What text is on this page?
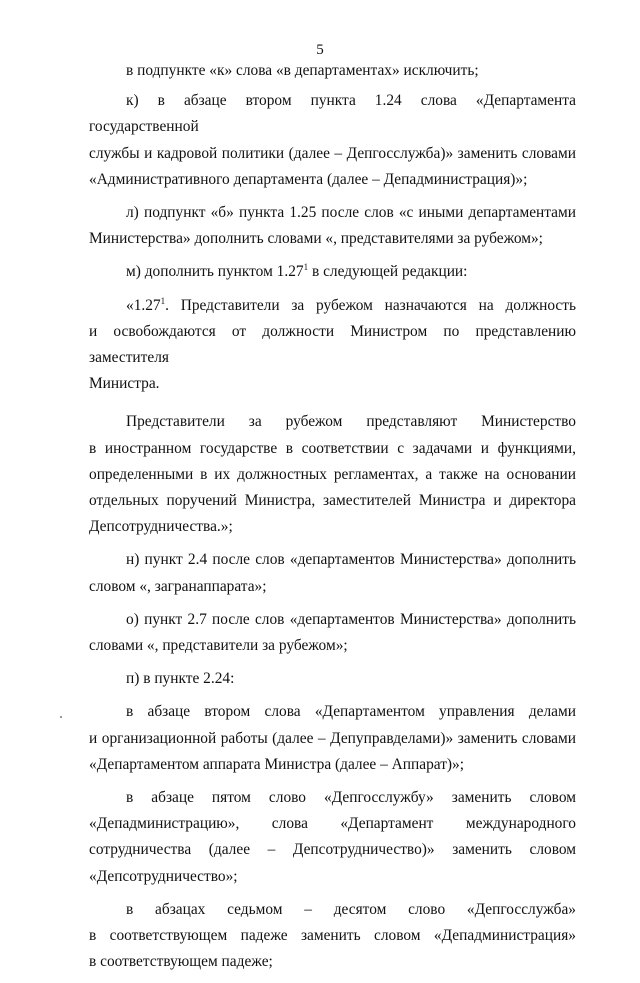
5
в подпункте «к» слова «в департаментах» исключить;
к) в абзаце втором пункта 1.24 слова «Департамента государственной
службы и кадровой политики (далее – Депгосслужба)» заменить словами
«Административного департамента (далее – Депадминистрация)»;
л) подпункт «б» пункта 1.25 после слов «с иными департаментами
Министерства» дополнить словами «, представителями за рубежом»;
м) дополнить пунктом 1.27$^1$ в следующей редакции:
«1.27$^1$. Представители за рубежом назначаются на должность
и освобождаются от должности Министром по представлению заместителя
Министра.
Представители за рубежом представляют Министерство
в иностранном государстве в соответствии с задачами и функциями,
определенными в их должностных регламентах, а также на основании
отдельных поручений Министра, заместителей Министра и директора
Депсотрудничества.»;
н) пункт 2.4 после слов «департаментов Министерства» дополнить
словом «, загранаппарата»;
о) пункт 2.7 после слов «департаментов Министерства» дополнить
словами «, представители за рубежом»;
п) в пункте 2.24:
в абзаце втором слова «Департаментом управления делами
и организационной работы (далее – Депуправделами)» заменить словами
«Департаментом аппарата Министра (далее – Аппарат)»;
в абзаце пятом слово «Депгосслужбу» заменить словом
«Депадминистрацию», слова «Департамент международного
сотрудничества (далее – Депсотрудничество)» заменить словом
«Депсотрудничество»;
в абзацах седьмом – десятом слово «Депгосслужба»
в соответствующем падеже заменить словом «Депадминистрация»
в соответствующем падеже;
